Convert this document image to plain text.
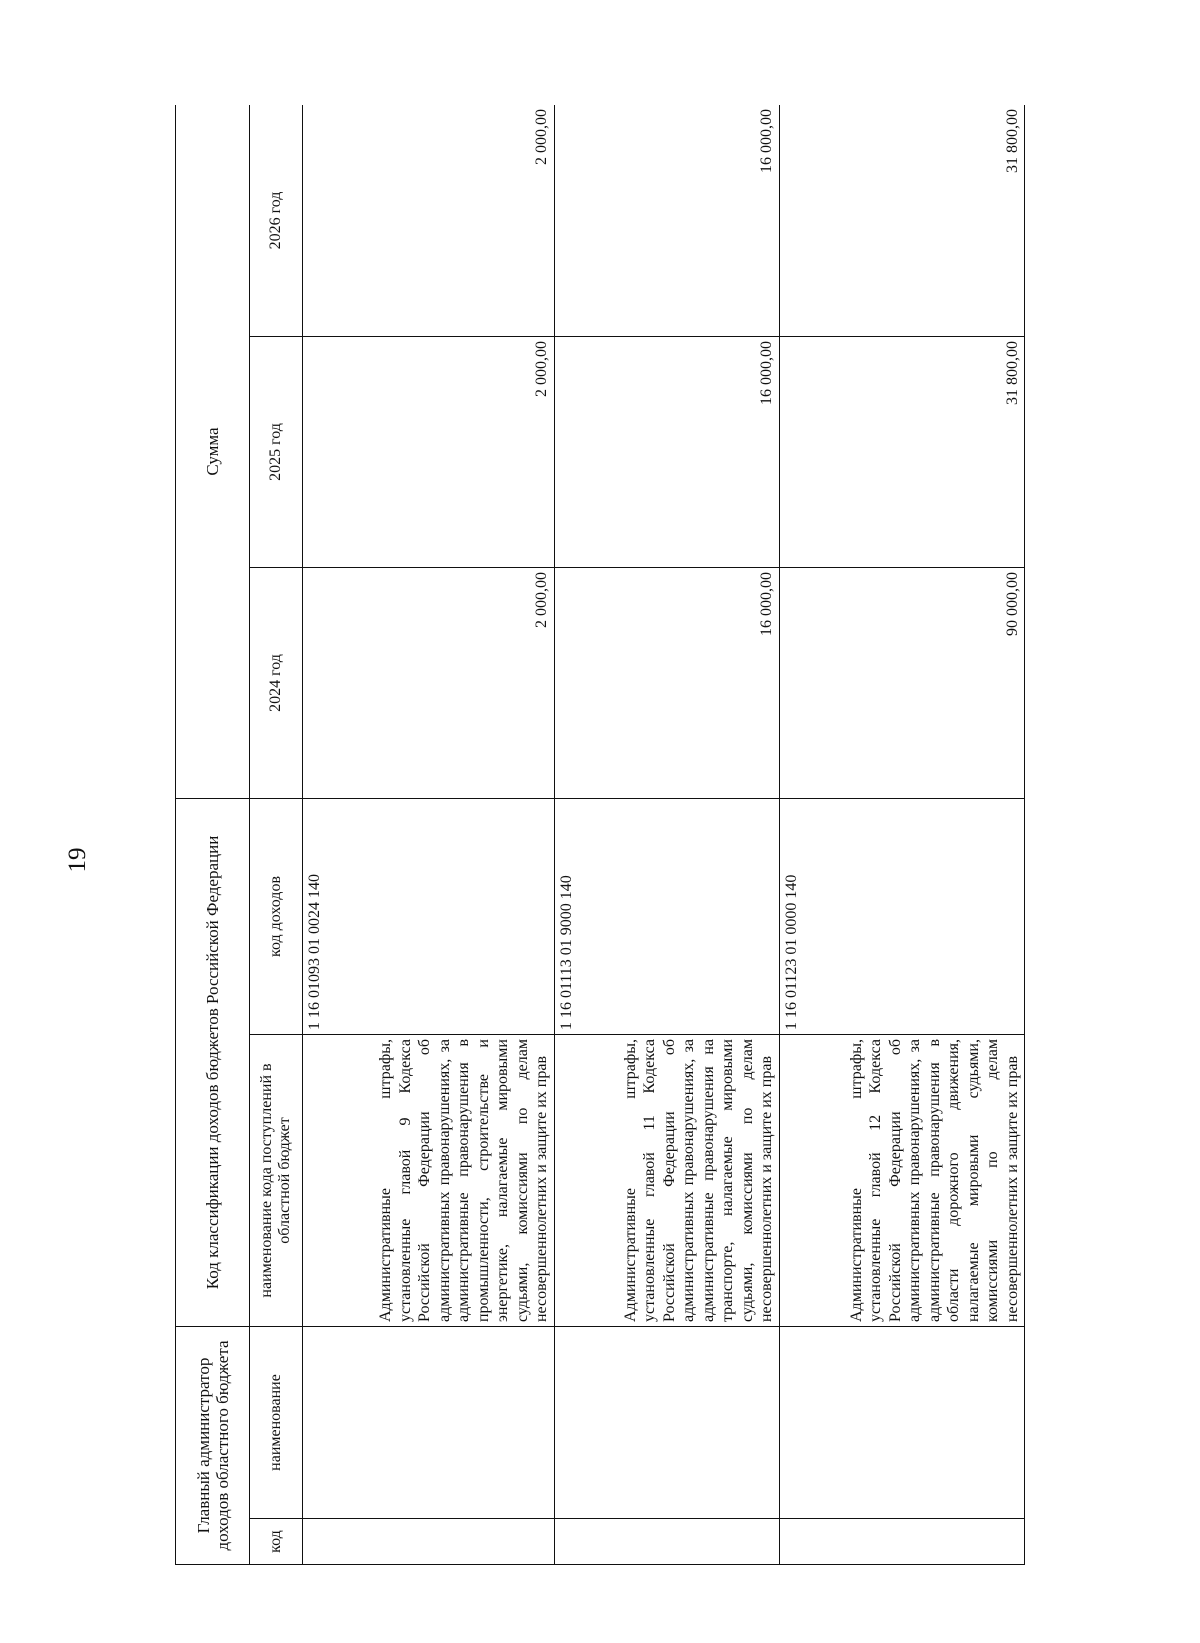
19
Главный администратор доходов областного бюджета		Код классификации доходов бюджетов Российской Федерации		Сумма		
код	наименование	наименование кода поступлений в областной бюджет	код доходов	2024 год	2025 год	2026 год
		Административные штрафы, установленные главой 9 Кодекса Российской Федерации об административных правонарушениях, за административные правонарушения в промышленности, строительстве и энергетике, налагаемые мировыми судьями, комиссиями по делам несовершеннолетних и защите их прав	1 16 01093 01 0024 140	2 000,00	2 000,00	2 000,00
		Административные штрафы, установленные главой 11 Кодекса Российской Федерации об административных правонарушениях, за административные правонарушения на транспорте, налагаемые мировыми судьями, комиссиями по делам несовершеннолетних и защите их прав	1 16 01113 01 9000 140	16 000,00	16 000,00	16 000,00
		Административные штрафы, установленные главой 12 Кодекса Российской Федерации об административных правонарушениях, за административные правонарушения в области дорожного движения, налагаемые мировыми судьями, комиссиями по делам несовершеннолетних и защите их прав	1 16 01123 01 0000 140	90 000,00	31 800,00	31 800,00
